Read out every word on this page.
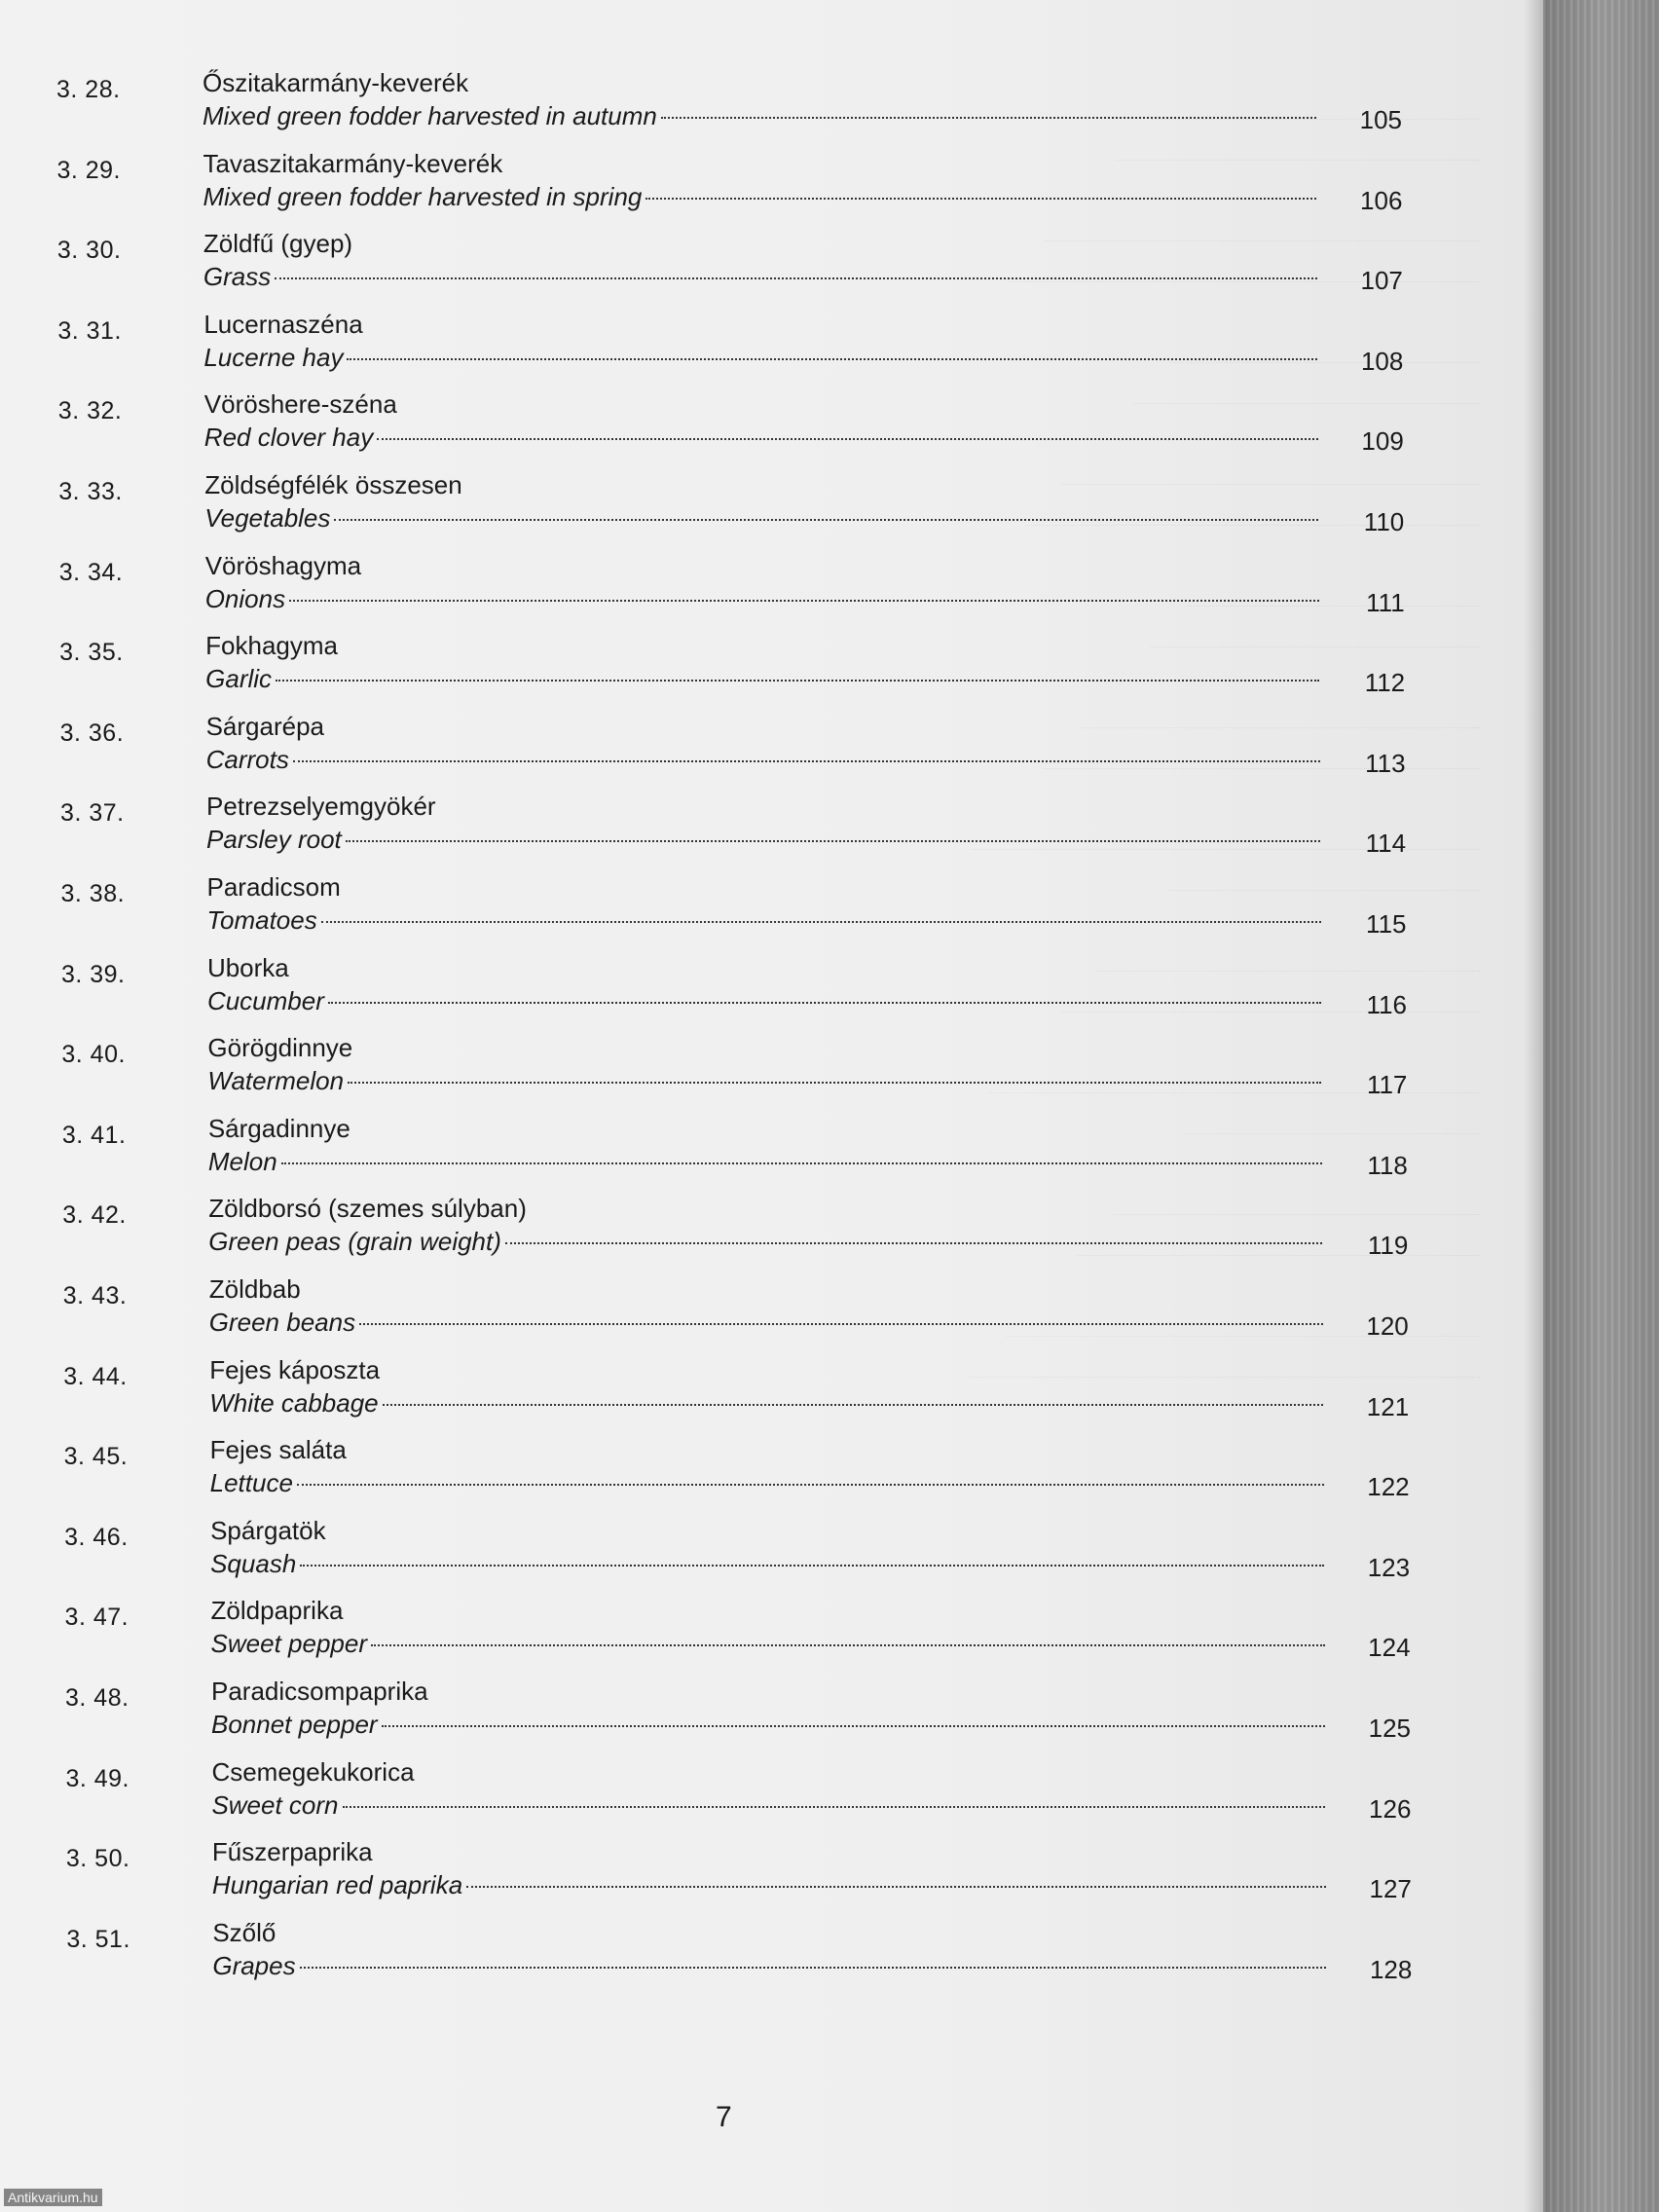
3. 28.	Őszitakarmány-keverék
Mixed green fodder harvested in autumn	105
3. 29.	Tavaszitakarmány-keverék
Mixed green fodder harvested in spring	106
3. 30.	Zöldfű (gyep)
Grass	107
3. 31.	Lucernaszéna
Lucerne hay	108
3. 32.	Vöröshere-széna
Red clover hay	109
3. 33.	Zöldségfélék összesen
Vegetables	110
3. 34.	Vöröshagyma
Onions	111
3. 35.	Fokhagyma
Garlic	112
3. 36.	Sárgarépa
Carrots	113
3. 37.	Petrezselyemgyökér
Parsley root	114
3. 38.	Paradicsom
Tomatoes	115
3. 39.	Uborka
Cucumber	116
3. 40.	Görögdinnye
Watermelon	117
3. 41.	Sárgadinnye
Melon	118
3. 42.	Zöldborsó (szemes súlyban)
Green peas (grain weight)	119
3. 43.	Zöldbab
Green beans	120
3. 44.	Fejes káposzta
White cabbage	121
3. 45.	Fejes saláta
Lettuce	122
3. 46.	Spárgatök
Squash	123
3. 47.	Zöldpaprika
Sweet pepper	124
3. 48.	Paradicsompaprika
Bonnet pepper	125
3. 49.	Csemegekukorica
Sweet corn	126
3. 50.	Fűszerpaprika
Hungarian red paprika	127
3. 51.	Szőlő
Grapes	128
7
Antikvarium.hu
